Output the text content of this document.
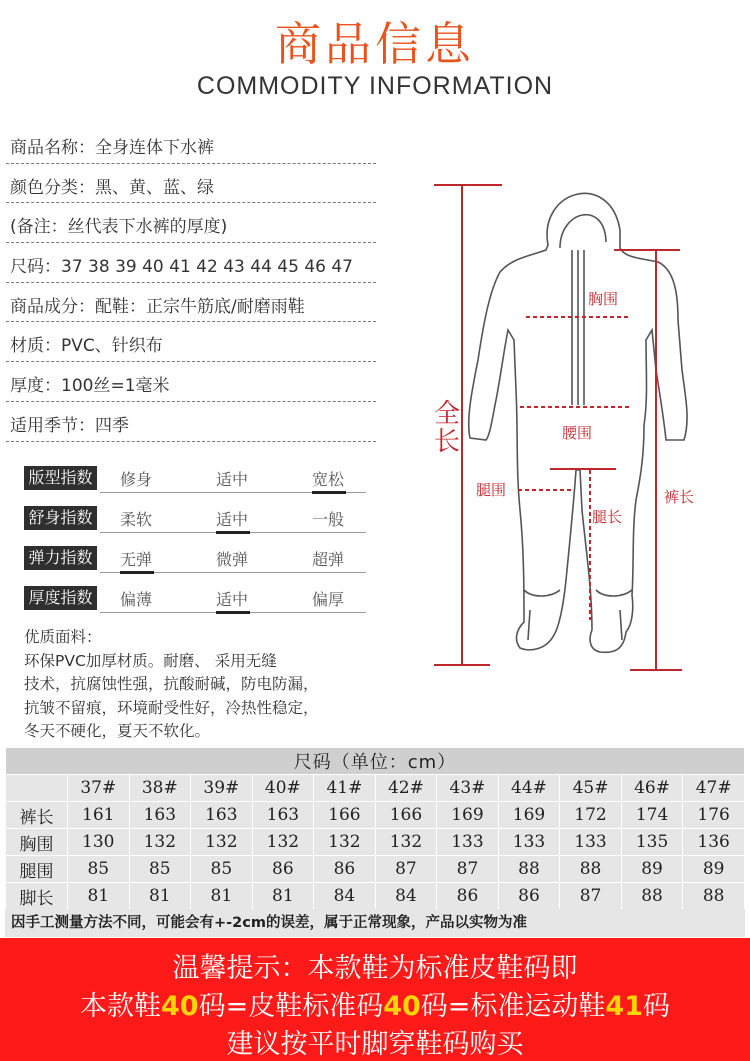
商品信息
COMMODITY INFORMATION
商品名称：全身连体下水裤
颜色分类：黑、黄、蓝、绿
(备注：丝代表下水裤的厚度)
尺码：37 38 39 40 41 42 43 44 45 46 47
商品成分：配鞋：正宗牛筋底/耐磨雨鞋
材质：PVC、针织布
厚度：100丝=1毫米
适用季节：四季
版型指数 修身	适中	宽松
舒身指数 柔软	适中	一般
弹力指数 无弹	微弹	超弹
厚度指数 偏薄	适中	偏厚
优质面料：
环保PVC加厚材质。耐磨、 采用无缝
技术，抗腐蚀性强，抗酸耐碱，防电防漏，
抗皱不留痕，环境耐受性好，冷热性稳定，
冬天不硬化，夏天不软化。
全
长
胸围
腰围
腿围
腿长
裤长
尺码（单位：cm）											
	37#	38#	39#	40#	41#	42#	43#	44#	45#	46#	47#
裤长	161	163	163	163	166	166	169	169	172	174	176
胸围	130	132	132	132	132	132	133	133	133	135	136
腿围	85	85	85	86	86	87	87	88	88	89	89
脚长	81	81	81	81	84	84	86	86	87	88	88
因手工测量方法不同，可能会有+-2cm的误差，属于正常现象，产品以实物为准
温馨提示：本款鞋为标准皮鞋码即
本款鞋40码=皮鞋标准码40码=标准运动鞋41码
建议按平时脚穿鞋码购买
